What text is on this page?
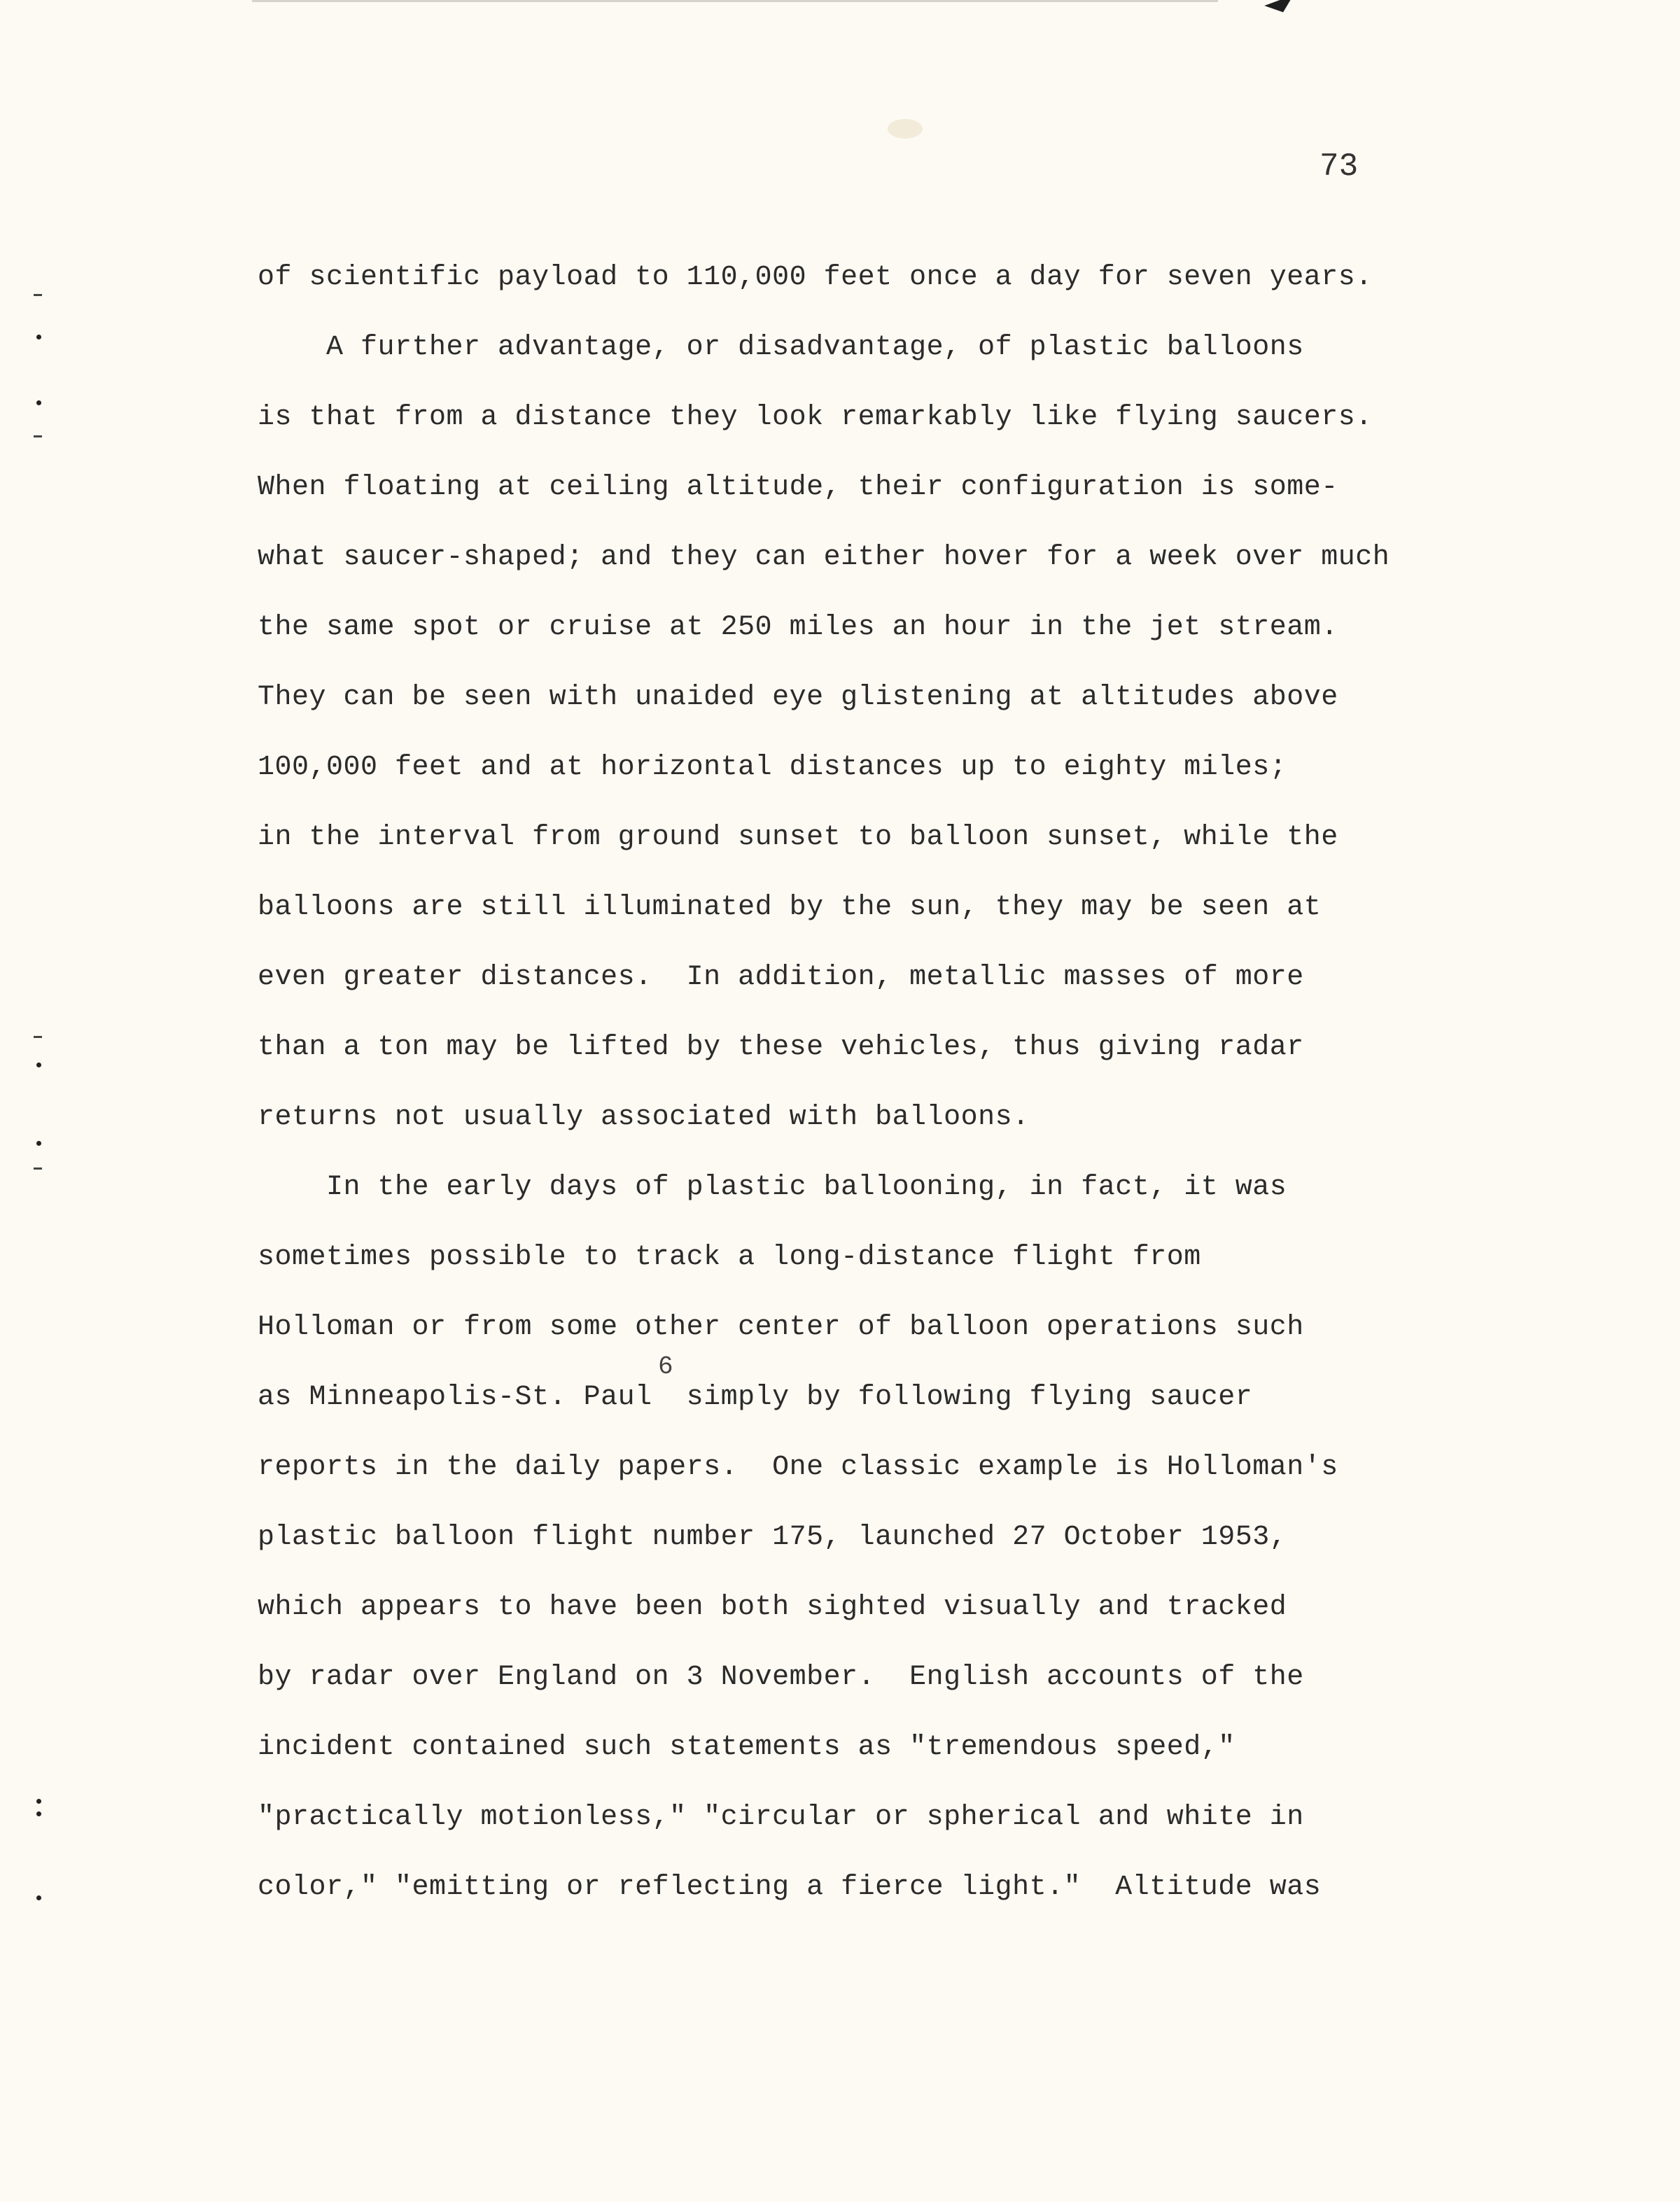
73
of scientific payload to 110,000 feet once a day for seven years.
A further advantage, or disadvantage, of plastic balloons
is that from a distance they look remarkably like flying saucers.
When floating at ceiling altitude, their configuration is some-
what saucer-shaped; and they can either hover for a week over much
the same spot or cruise at 250 miles an hour in the jet stream.
They can be seen with unaided eye glistening at altitudes above
100,000 feet and at horizontal distances up to eighty miles;
in the interval from ground sunset to balloon sunset, while the
balloons are still illuminated by the sun, they may be seen at
even greater distances.  In addition, metallic masses of more
than a ton may be lifted by these vehicles, thus giving radar
returns not usually associated with balloons.
In the early days of plastic ballooning, in fact, it was
sometimes possible to track a long-distance flight from
Holloman or from some other center of balloon operations such
6
as Minneapolis-St. Paul  simply by following flying saucer
reports in the daily papers.  One classic example is Holloman's
plastic balloon flight number 175, launched 27 October 1953,
which appears to have been both sighted visually and tracked
by radar over England on 3 November.  English accounts of the
incident contained such statements as "tremendous speed,"
"practically motionless," "circular or spherical and white in
color," "emitting or reflecting a fierce light."  Altitude was
